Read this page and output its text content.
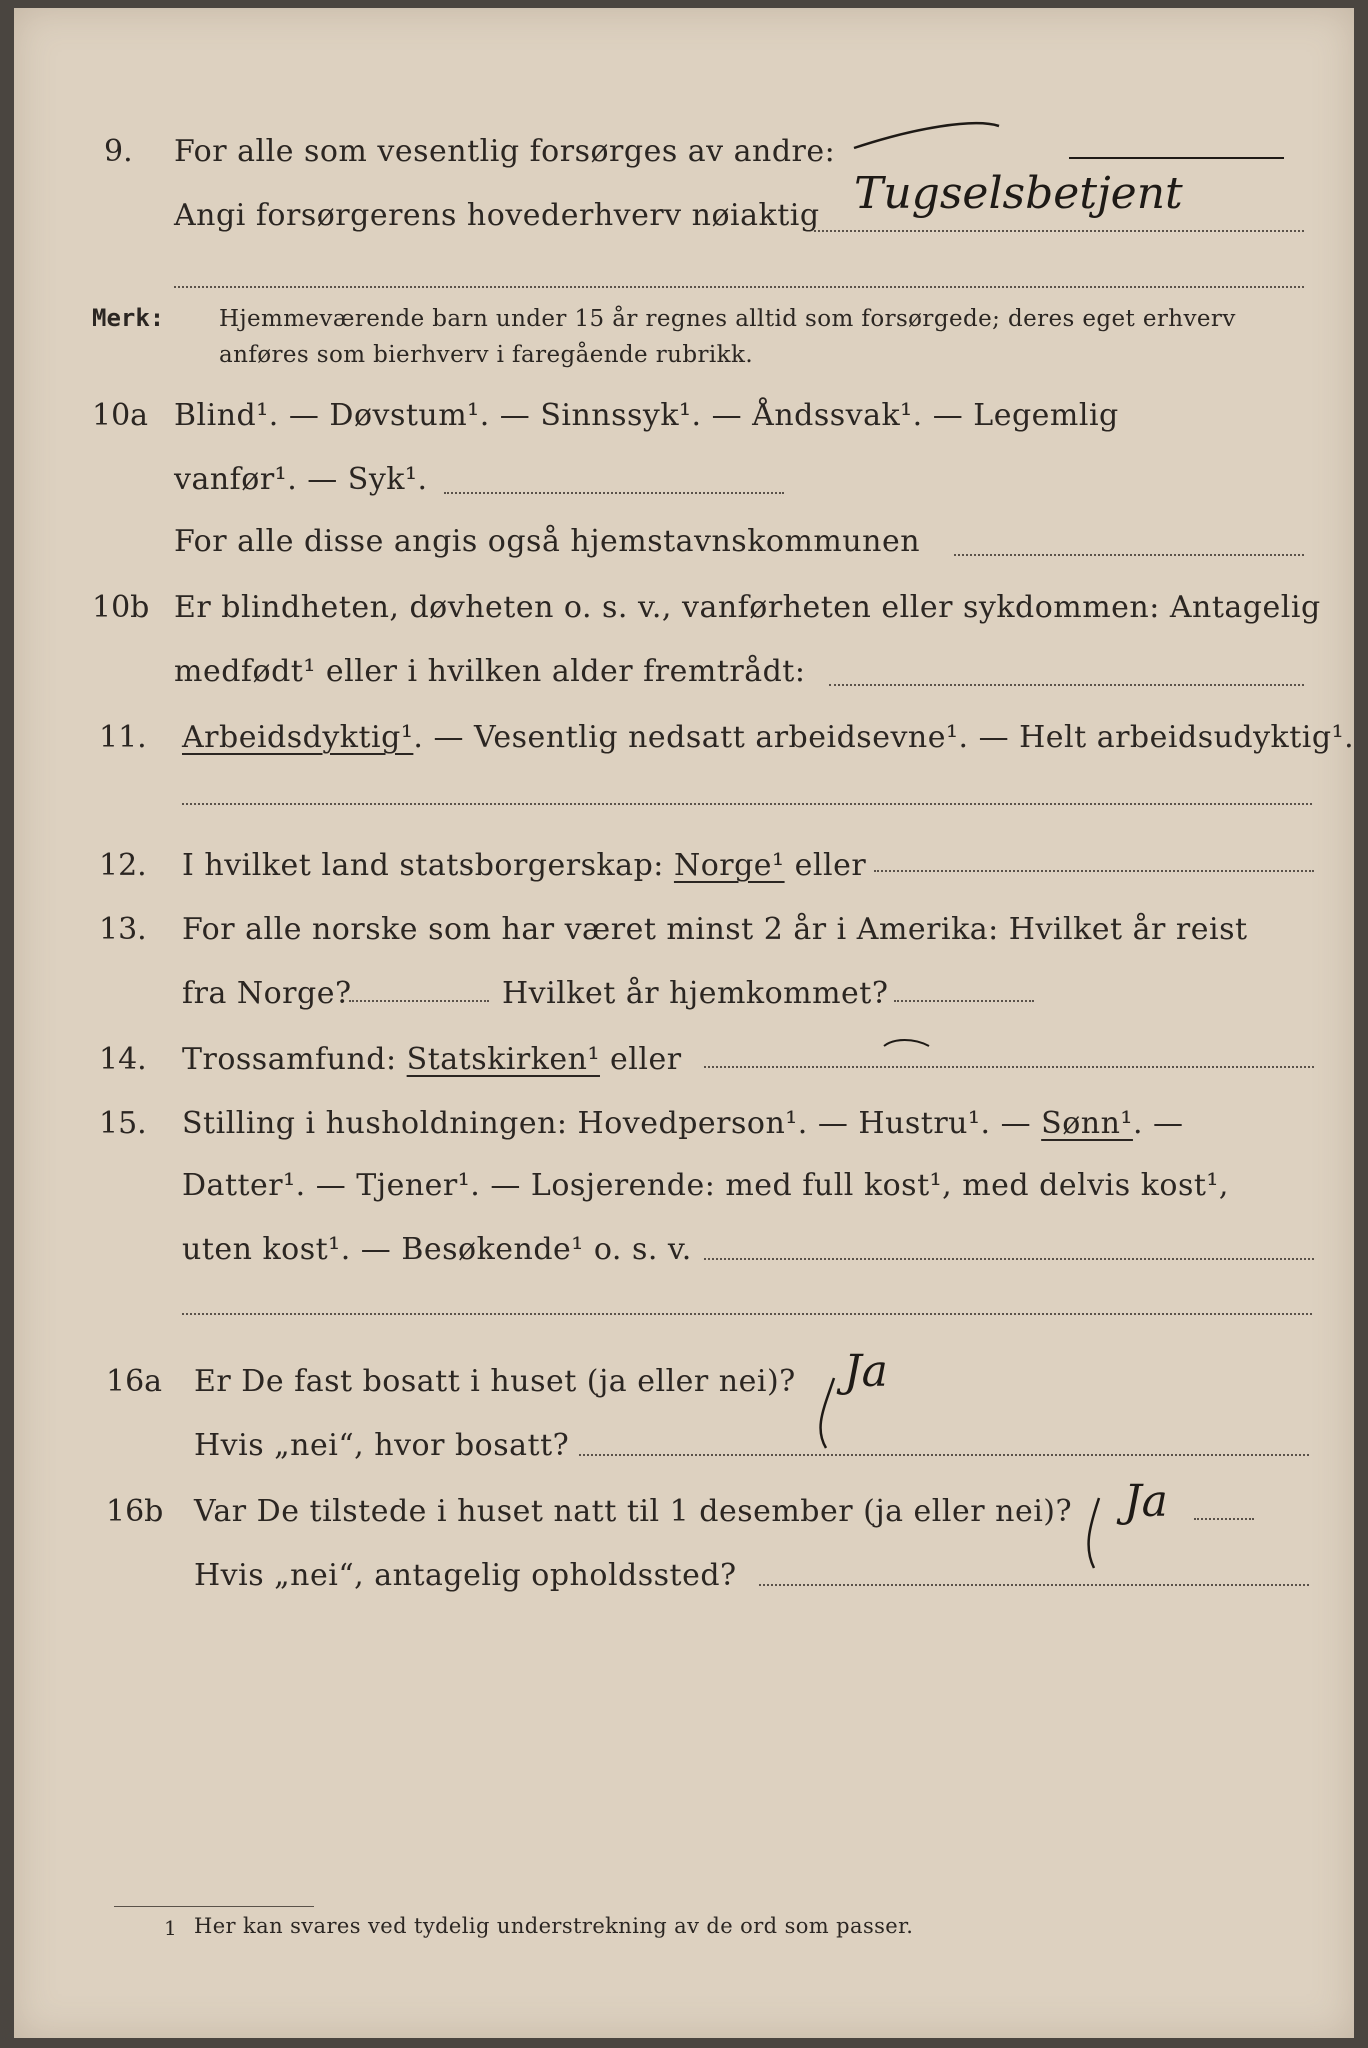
9. For alle som vesentlig forsørges av andre:
Angi forsørgerens hovederhverv nøiaktig Tugselsbetjent
Merk: Hjemmeværende barn under 15 år regnes alltid som forsørgede; deres eget erhverv
anføres som bierhverv i faregående rubrikk.
10a Blind¹. — Døvstum¹. — Sinnssyk¹. — Åndssvak¹. — Legemlig
vanfør¹. — Syk¹.
For alle disse angis også hjemstavnskommunen
10b Er blindheten, døvheten o. s. v., vanførheten eller sykdommen: Antagelig
medfødt¹ eller i hvilken alder fremtrådt:
11. Arbeidsdyktig¹. — Vesentlig nedsatt arbeidsevne¹. — Helt arbeidsudyktig¹.
12. I hvilket land statsborgerskap: Norge¹ eller
13. For alle norske som har været minst 2 år i Amerika: Hvilket år reist
fra Norge?	Hvilket år hjemkommet?
14. Trossamfund: Statskirken¹ eller
15. Stilling i husholdningen: Hovedperson¹. — Hustru¹. — Sønn¹. —
Datter¹. — Tjener¹. — Losjerende: med full kost¹, med delvis kost¹,
uten kost¹. — Besøkende¹ o. s. v.
16a Er De fast bosatt i huset (ja eller nei)? Ja
Hvis „nei“, hvor bosatt?
16b Var De tilstede i huset natt til 1 desember (ja eller nei)? Ja
Hvis „nei“, antagelig opholdssted?
1 Her kan svares ved tydelig understrekning av de ord som passer.
